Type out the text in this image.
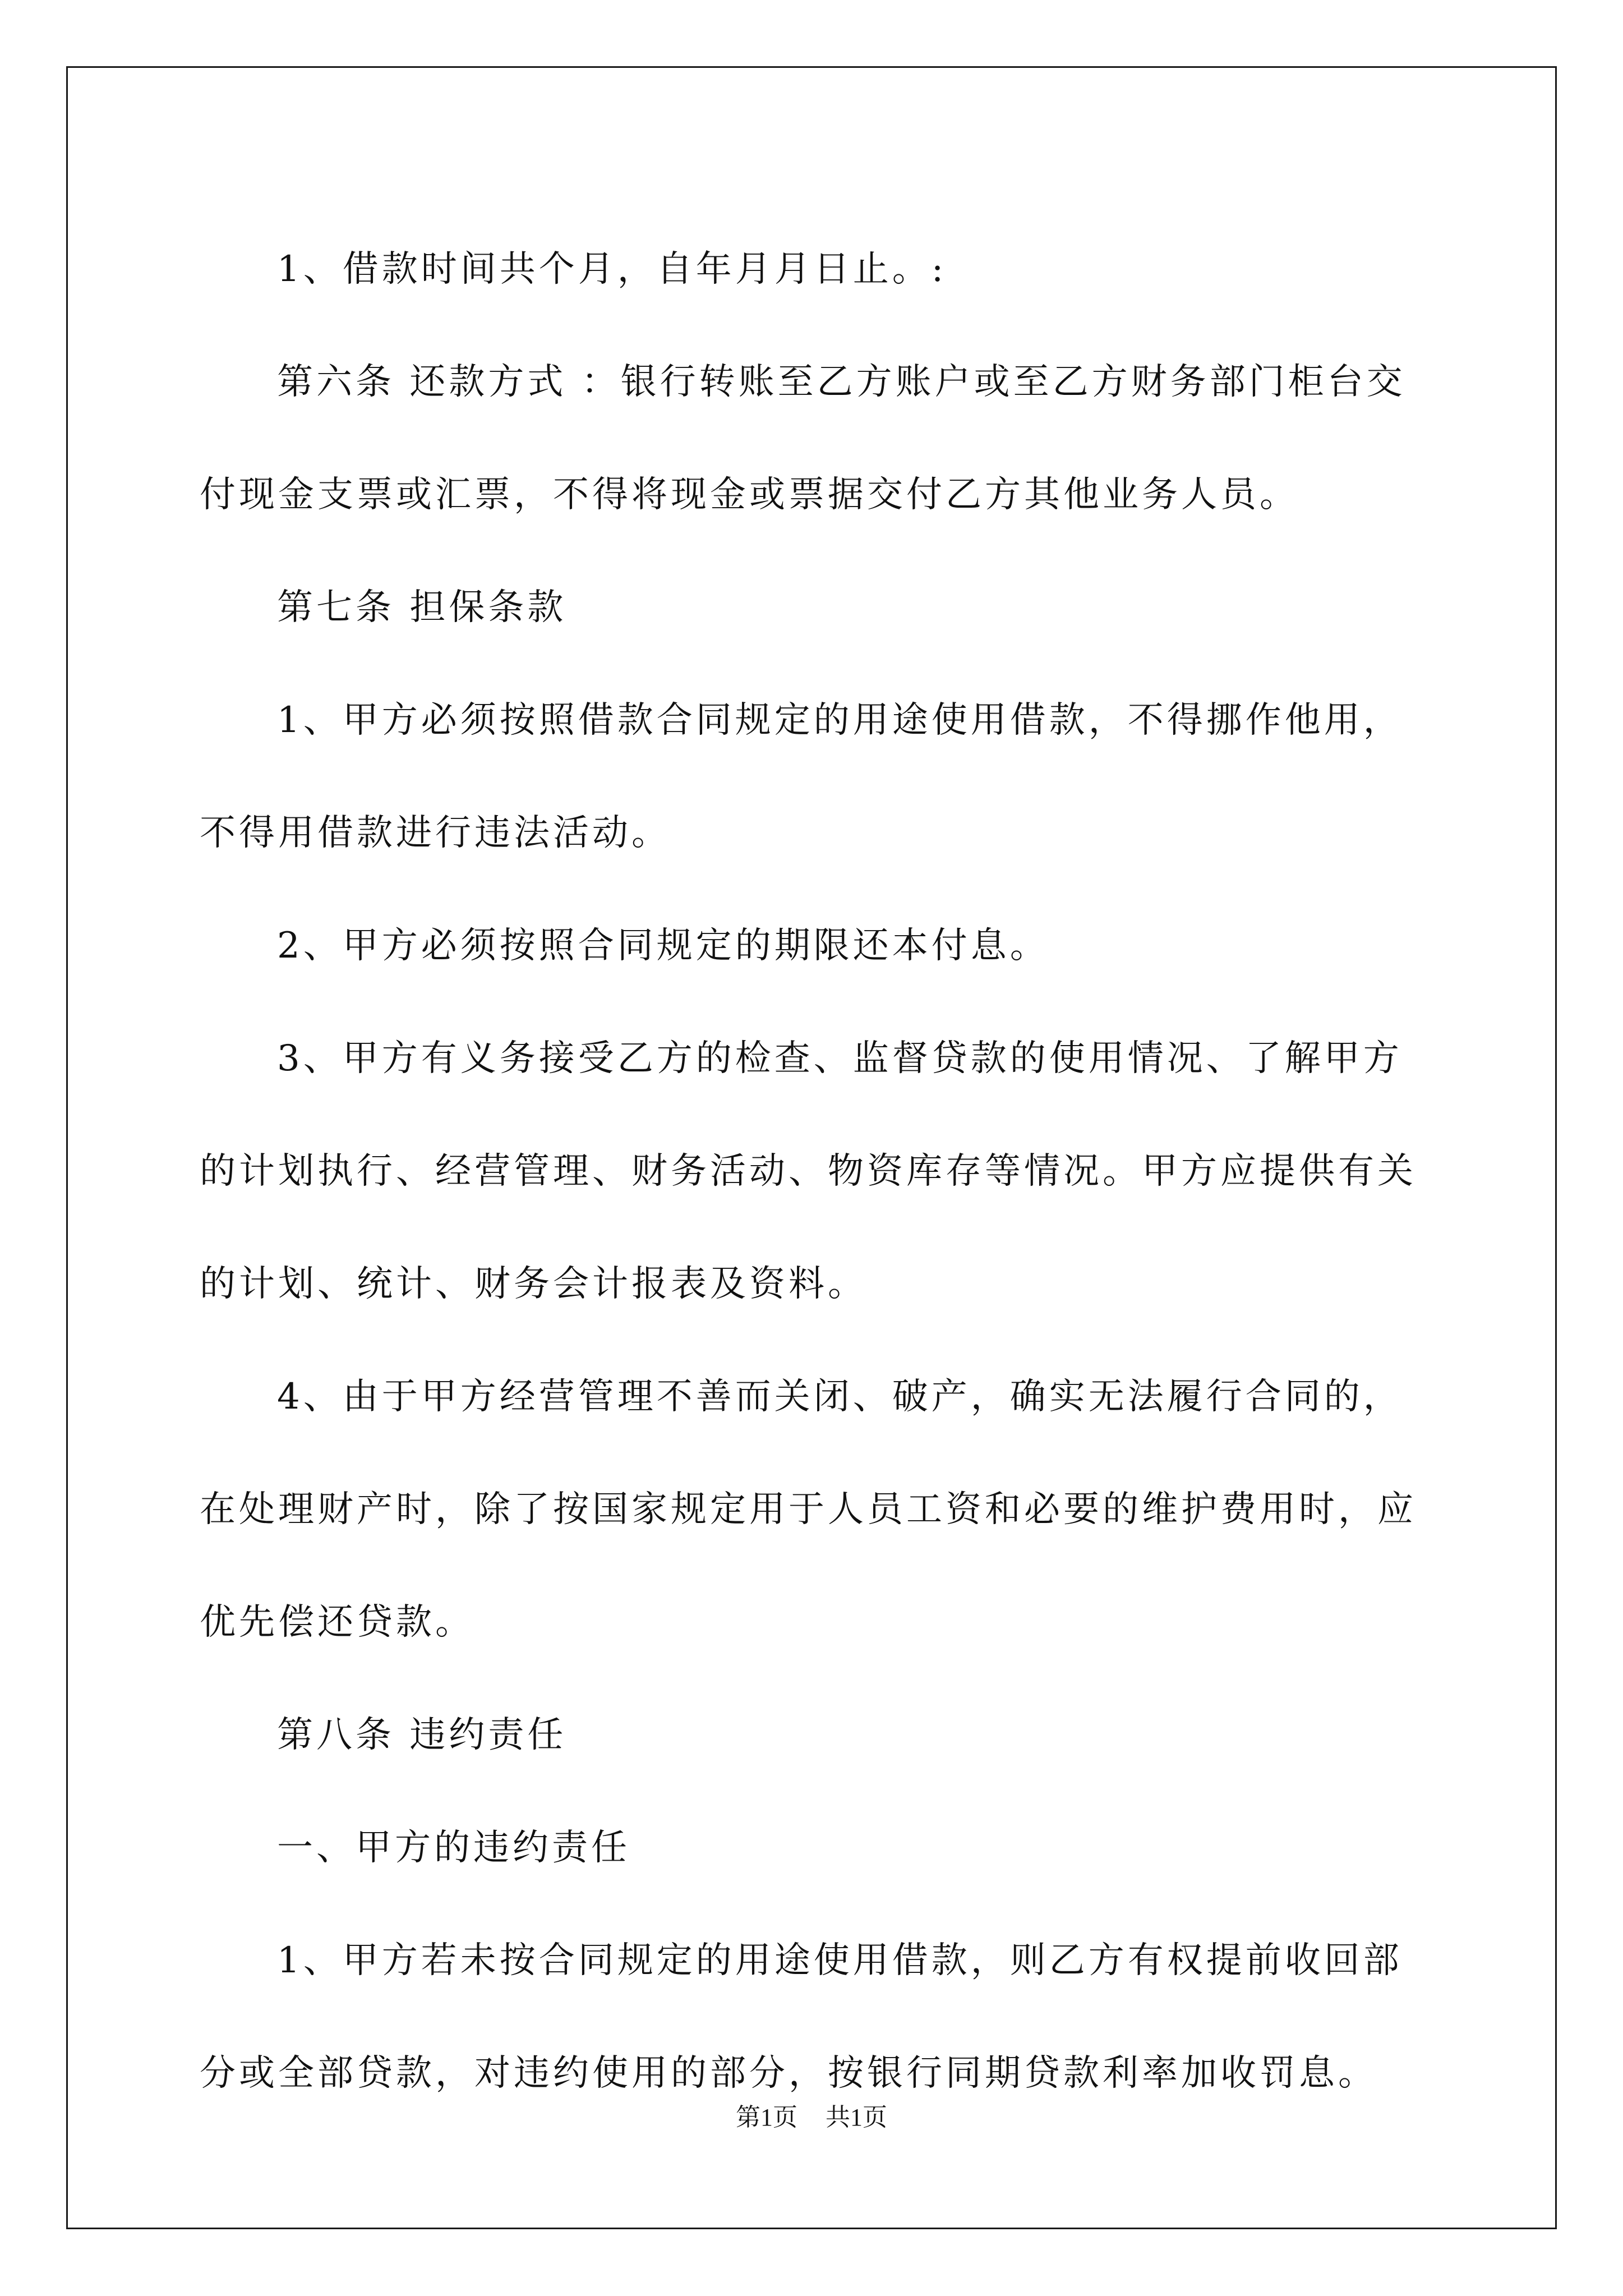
1、借款时间共个月，自年月月日止。:

第六条 还款方式 ：银行转账至乙方账户或至乙方财务部门柜台交付现金支票或汇票，不得将现金或票据交付乙方其他业务人员。

第七条 担保条款

1、甲方必须按照借款合同规定的用途使用借款，不得挪作他用，不得用借款进行违法活动。

2、甲方必须按照合同规定的期限还本付息。

3、甲方有义务接受乙方的检查、监督贷款的使用情况、了解甲方的计划执行、经营管理、财务活动、物资库存等情况。甲方应提供有关的计划、统计、财务会计报表及资料。

4、由于甲方经营管理不善而关闭、破产，确实无法履行合同的，在处理财产时，除了按国家规定用于人员工资和必要的维护费用时，应优先偿还贷款。

第八条 违约责任

一、甲方的违约责任

1、甲方若未按合同规定的用途使用借款，则乙方有权提前收回部分或全部贷款，对违约使用的部分，按银行同期贷款利率加收罚息。

第1页 共1页
